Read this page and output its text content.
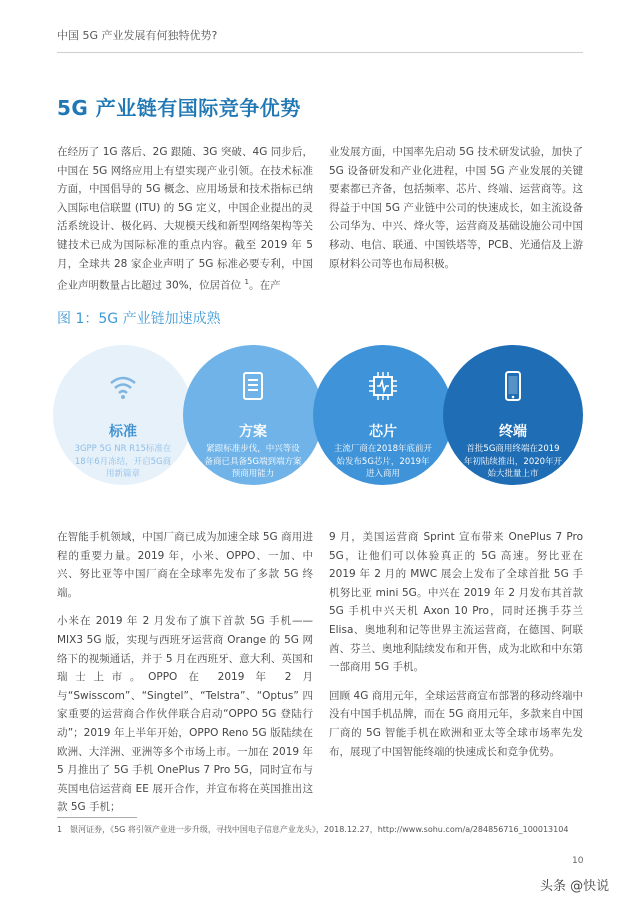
中国 5G 产业发展有何独特优势?
5G 产业链有国际竞争优势
在经历了 1G 落后、2G 跟随、3G 突破、4G 同步后，中国在 5G 网络应用上有望实现产业引领。在技术标准方面，中国倡导的 5G 概念、应用场景和技术指标已纳入国际电信联盟 (ITU) 的 5G 定义，中国企业提出的灵活系统设计、极化码、大规模天线和新型网络架构等关键技术已成为国际标准的重点内容。截至 2019 年 5 月，全球共 28 家企业声明了 5G 标准必要专利，中国企业声明数量占比超过 30%，位居首位 $^1$。在产
业发展方面，中国率先启动 5G 技术研发试验，加快了 5G 设备研发和产业化进程，中国 5G 产业发展的关键要素都已齐备，包括频率、芯片、终端、运营商等。这得益于中国 5G 产业链中公司的快速成长，如主流设备公司华为、中兴、烽火等，运营商及基础设施公司中国移动、电信、联通、中国铁塔等，PCB、光通信及上游原材料公司等也布局积极。
图 1：5G 产业链加速成熟
标准
3GPP 5G NR R15标准在18年6月冻结，开启5G商用新篇章
方案
紧跟标准步伐，中兴等设备商已具备5G端到端方案预商用能力
芯片
主流厂商在2018年底前开始发布5G芯片，2019年进入商用
终端
首批5G商用终端在2019年初陆续推出，2020年开始大批量上市

在智能手机领域，中国厂商已成为加速全球 5G 商用进程的重要力量。2019 年，小米、OPPO、一加、中兴、努比亚等中国厂商在全球率先发布了多款 5G 终端。

小米在 2019 年 2 月发布了旗下首款 5G 手机——MIX3 5G 版，实现与西班牙运营商 Orange 的 5G 网络下的视频通话，并于 5 月在西班牙、意大利、英国和瑞士上市。OPPO 在 2019 年 2 月与“Swisscom”、“Singtel”、“Telstra”、“Optus” 四家重要的运营商合作伙伴联合启动“OPPO 5G 登陆行动”；2019 年上半年开始，OPPO Reno 5G 版陆续在欧洲、大洋洲、亚洲等多个市场上市。一加在 2019 年 5 月推出了 5G 手机 OnePlus 7 Pro 5G，同时宣布与英国电信运营商 EE 展开合作，并宣布将在英国推出这款 5G 手机；

9 月，美国运营商 Sprint 宣布带来 OnePlus 7 Pro 5G，让他们可以体验真正的 5G 高速。努比亚在 2019 年 2 月的 MWC 展会上发布了全球首批 5G 手机努比亚 mini 5G。中兴在 2019 年 2 月发布其首款 5G 手机中兴天机 Axon 10 Pro，同时还携手芬兰 Elisa、奥地利和记等世界主流运营商，在德国、阿联酋、芬兰、奥地利陆续发布和开售，成为北欧和中东第一部商用 5G 手机。

回顾 4G 商用元年，全球运营商宣布部署的移动终端中没有中国手机品牌，而在 5G 商用元年，多款来自中国厂商的 5G 智能手机在欧洲和亚太等全球市场率先发布，展现了中国智能终端的快速成长和竞争优势。

1　银河证券，《5G 将引领产业进一步升级，寻找中国电子信息产业龙头》，2018.12.27，http://www.sohu.com/a/284856716_100013104
10
头条 @快说
